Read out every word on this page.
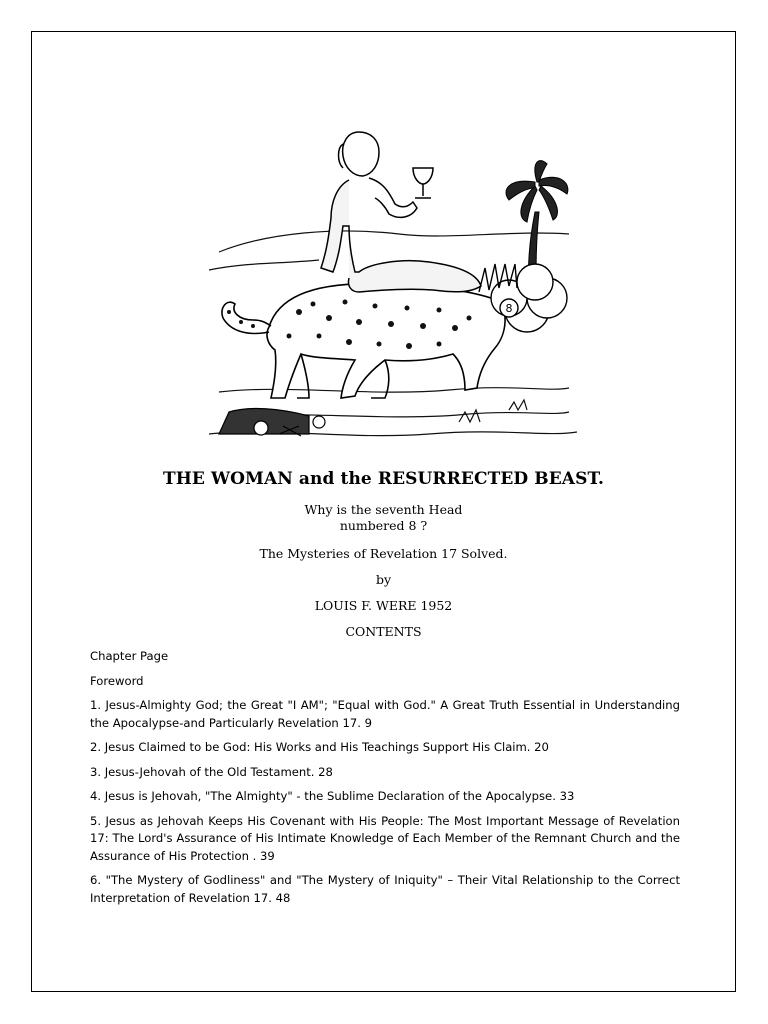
8
THE WOMAN and the RESURRECTED BEAST.
Why is the seventh Head
numbered 8 ?
The Mysteries of Revelation 17 Solved.
by
LOUIS F. WERE 1952
CONTENTS
Chapter Page
Foreword
1. Jesus-Almighty God; the Great "I AM"; "Equal with God." A Great Truth Essential in Understanding the Apocalypse-and Particularly Revelation 17. 9
2. Jesus Claimed to be God: His Works and His Teachings Support His Claim. 20
3. Jesus-Jehovah of the Old Testament. 28
4. Jesus is Jehovah, "The Almighty" - the Sublime Declaration of the Apocalypse. 33
5. Jesus as Jehovah Keeps His Covenant with His People: The Most Important Message of Revelation 17: The Lord's Assurance of His Intimate Knowledge of Each Member of the Remnant Church and the Assurance of His Protection . 39
6. "The Mystery of Godliness" and "The Mystery of Iniquity" – Their Vital Relationship to the Correct Interpretation of Revelation 17. 48
